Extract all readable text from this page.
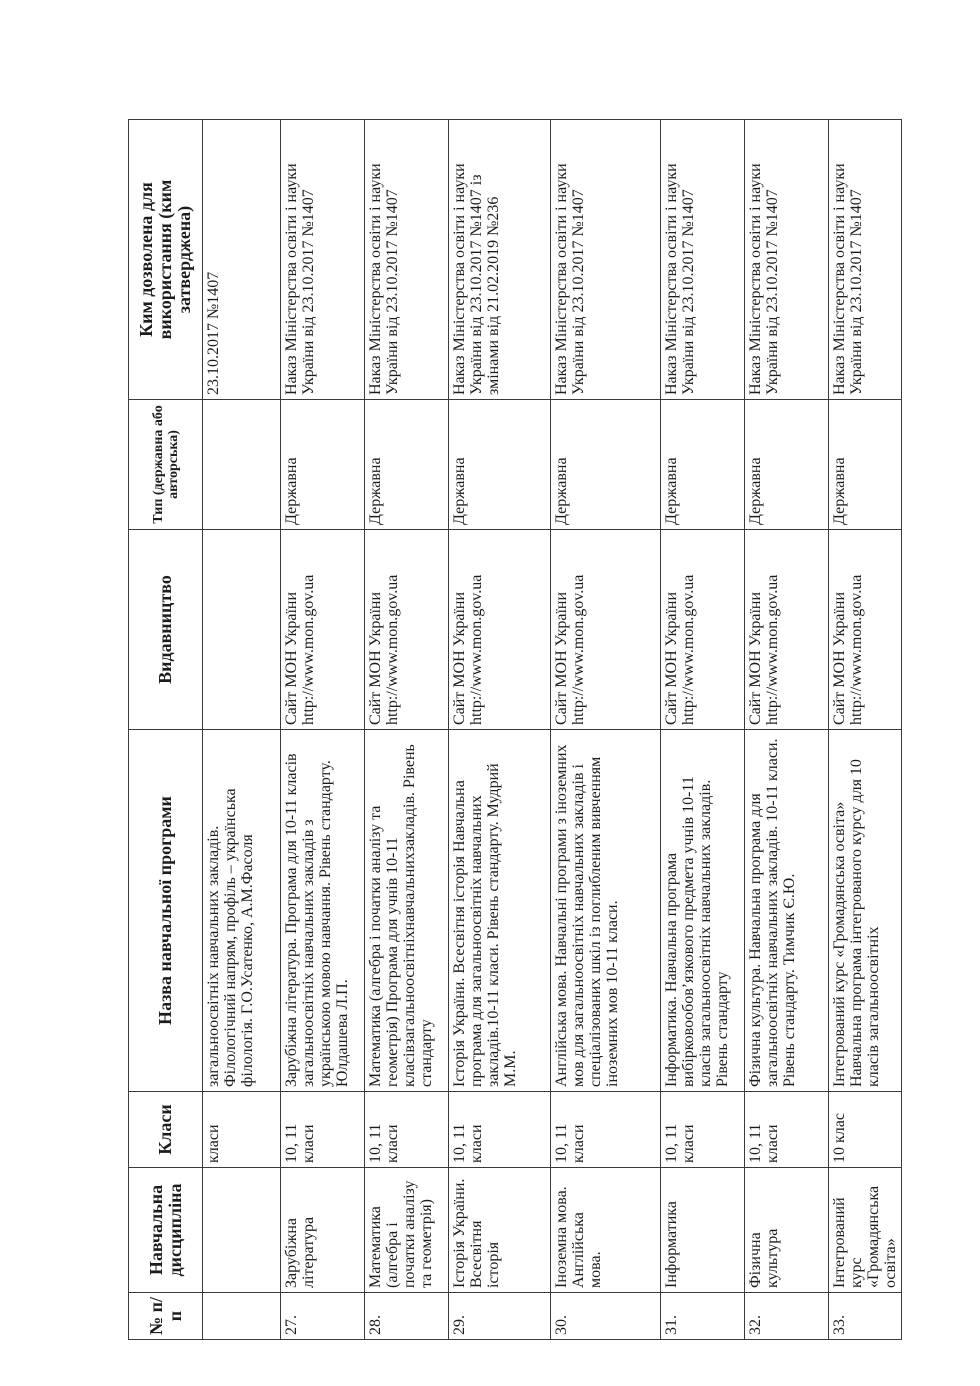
№ п/п	Навчальна дисципліна	Класи	Назва навчальної програми	Видавництво	Тип (державна або авторська)	Ким дозволена для використання (ким затверджена)
		класи	загальноосвітніх навчальних закладів. Філологічний напрям, профіль – українська філологія. Г.О.Усатенко, А.М.Фасоля			23.10.2017 №1407
27.	Зарубіжна література	10, 11 класи	Зарубіжна література. Програма для 10-11 класів загальноосвітніх навчальних закладів з українською мовою навчання. Рівень стандарту. Юлдашева Л.П.	Сайт МОН України http://www.mon.gov.ua	Державна	Наказ Міністерства освіти і науки України від 23.10.2017 №1407
28.	Математика (алгебра і початки аналізу та геометрія)	10, 11 класи	Математика (алгебра і початки аналізу та геометрія) Програма для учнів 10-11 класівзагальноосвітніхнавчальнихзакладів. Рівень стандарту	Сайт МОН України http://www.mon.gov.ua	Державна	Наказ Міністерства освіти і науки України від 23.10.2017 №1407
29.	Історія України. Всесвітня історія	10, 11 класи	Історія України. Всесвітня історія Навчальна програма для загальноосвітніх навчальних закладів.10-11 класи. Рівень стандарту. Мудрий М.М.	Сайт МОН України http://www.mon.gov.ua	Державна	Наказ Міністерства освіти і науки України від 23.10.2017 №1407 із змінами від 21.02.2019 №236
30.	Іноземна мова. Англійська мова.	10, 11 класи	Англійська мова. Навчальні програми з іноземних мов для загальноосвітніх навчальних закладів і спеціалізованих шкіл із поглибленим вивченням іноземних мов 10-11 класи.	Сайт МОН України http://www.mon.gov.ua	Державна	Наказ Міністерства освіти і науки України від 23.10.2017 №1407
31.	Інформатика	10, 11 класи	Інформатика. Навчальна програма вибірковообов’язкового предмета учнів 10-11 класів загальноосвітніх навчальних закладів. Рівень стандарту	Сайт МОН України http://www.mon.gov.ua	Державна	Наказ Міністерства освіти і науки України від 23.10.2017 №1407
32.	Фізична культура	10, 11 класи	Фізична культура. Навчальна програма для загальноосвітніх навчальних закладів. 10-11 класи. Рівень стандарту. Тимчик Є.Ю.	Сайт МОН України http://www.mon.gov.ua	Державна	Наказ Міністерства освіти і науки України від 23.10.2017 №1407
33.	Інтегрований курс «Громадянська освіта»	10 клас	Інтегрований курс «Громадянська освіта» Навчальна програма інтегрованого курсу для 10 класів загальноосвітніх	Сайт МОН України http://www.mon.gov.ua	Державна	Наказ Міністерства освіти і науки України від 23.10.2017 №1407
